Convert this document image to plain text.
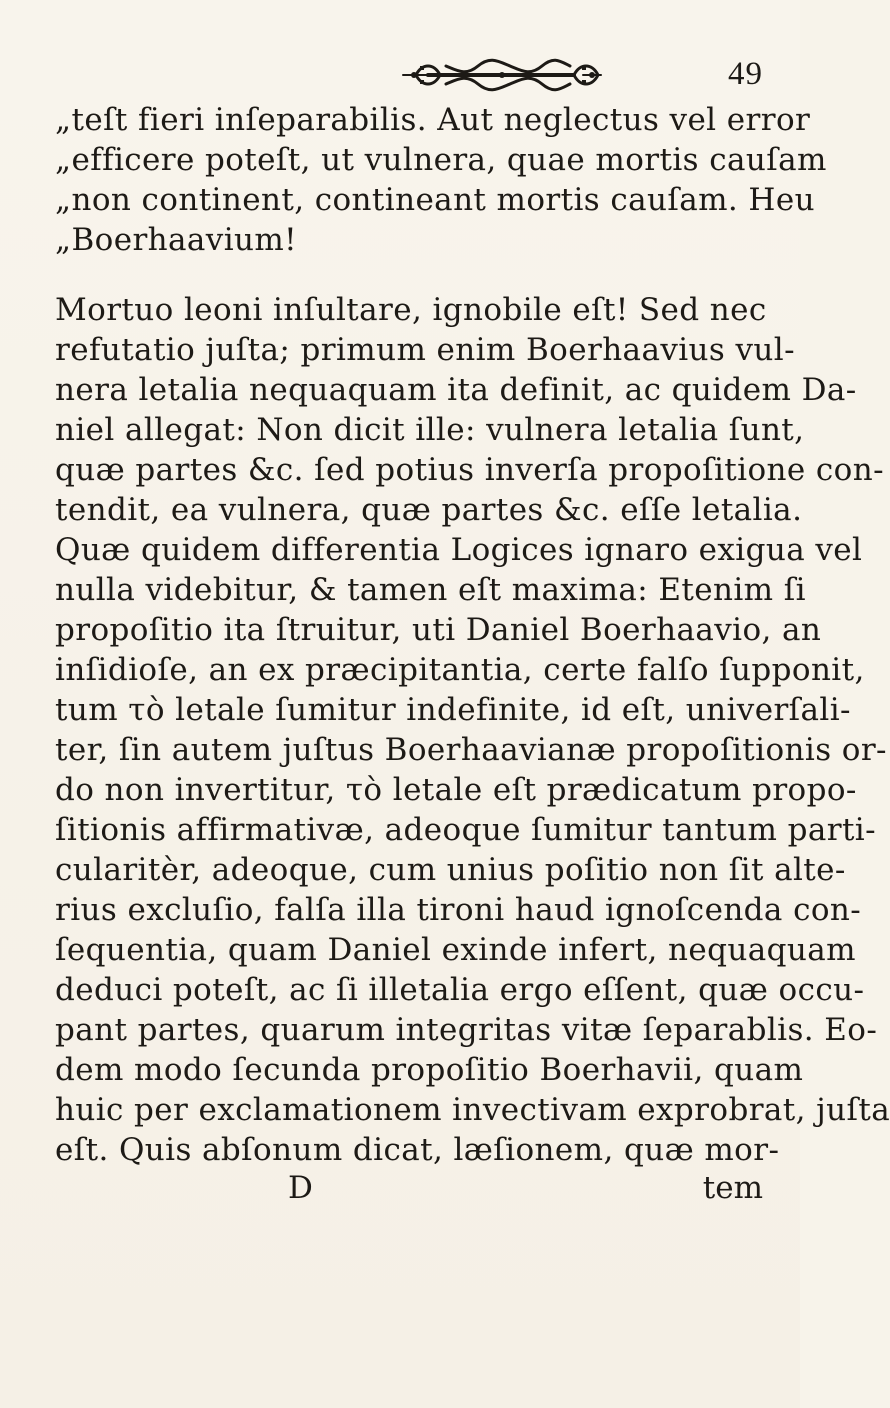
49
„teſt fieri inſeparabilis. Aut neglectus vel error
„efficere poteſt, ut vulnera, quae mortis cauſam
„non continent, contineant mortis cauſam. Heu
„Boerhaavium!
Mortuo leoni inſultare, ignobile eſt! Sed nec
refutatio juſta; primum enim Boerhaavius vul-
nera letalia nequaquam ita definit, ac quidem Da-
niel allegat: Non dicit ille: vulnera letalia ſunt,
quæ partes &c. ſed potius inverſa propoſitione con-
tendit, ea vulnera, quæ partes &c. eſſe letalia.
Quæ quidem differentia Logices ignaro exigua vel
nulla videbitur, & tamen eſt maxima: Etenim ſi
propoſitio ita ſtruitur, uti Daniel Boerhaavio, an
inſidioſe, an ex præcipitantia, certe falſo ſupponit,
tum τὸ letale ſumitur indefinite, id eſt, univerſali-
ter, ſin autem juſtus Boerhaavianæ propoſitionis or-
do non invertitur, τὸ letale eſt prædicatum propo-
ſitionis affirmativæ, adeoque ſumitur tantum parti-
cularitèr, adeoque, cum unius poſitio non ſit alte-
rius excluſio, falſa illa tironi haud ignoſcenda con-
ſequentia, quam Daniel exinde infert, nequaquam
deduci poteſt, ac ſi illetalia ergo eſſent, quæ occu-
pant partes, quarum integritas vitæ ſeparablis. Eo-
dem modo ſecunda propoſitio Boerhavii, quam
huic per exclamationem invectivam exprobrat, juſta
eſt. Quis abſonum dicat, læſionem, quæ mor-
D	tem
